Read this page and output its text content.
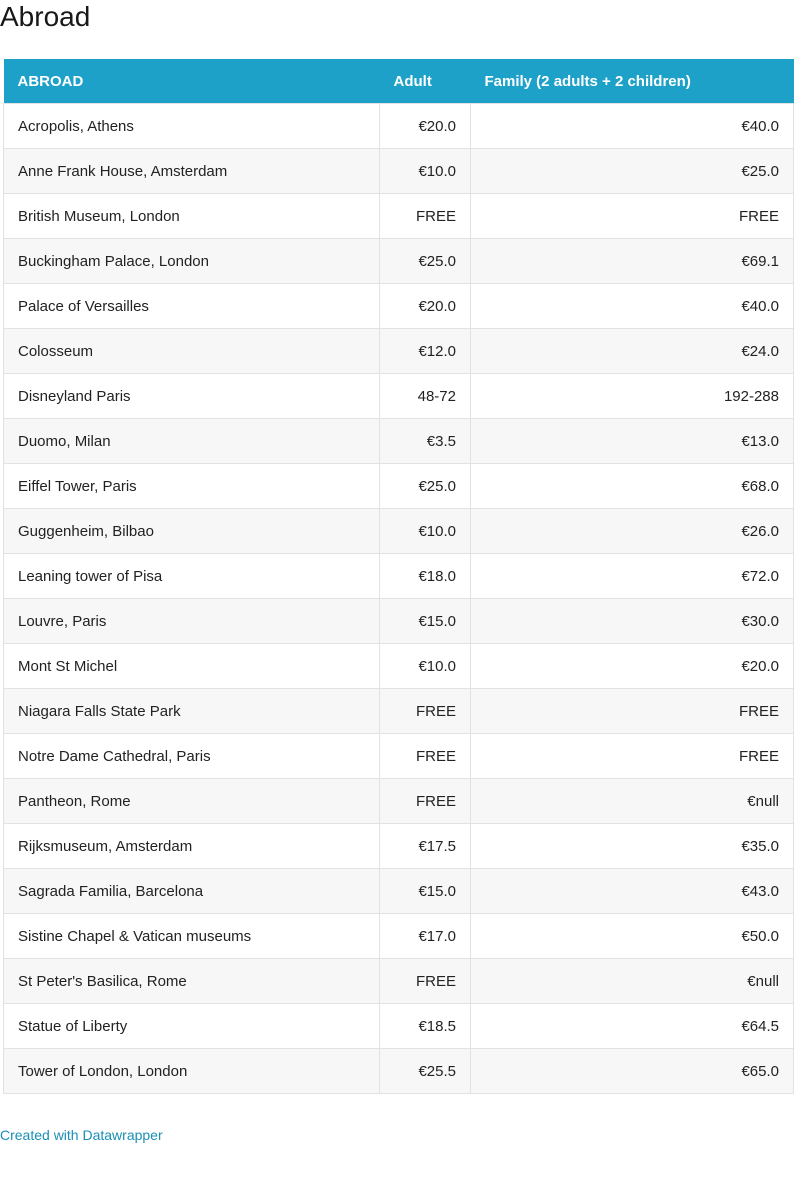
Abroad
ABROAD	Adult	Family (2 adults + 2 children)
Acropolis, Athens	€20.0	€40.0
Anne Frank House, Amsterdam	€10.0	€25.0
British Museum, London	FREE	FREE
Buckingham Palace, London	€25.0	€69.1
Palace of Versailles	€20.0	€40.0
Colosseum	€12.0	€24.0
Disneyland Paris	48-72	192-288
Duomo, Milan	€3.5	€13.0
Eiffel Tower, Paris	€25.0	€68.0
Guggenheim, Bilbao	€10.0	€26.0
Leaning tower of Pisa	€18.0	€72.0
Louvre, Paris	€15.0	€30.0
Mont St Michel	€10.0	€20.0
Niagara Falls State Park	FREE	FREE
Notre Dame Cathedral, Paris	FREE	FREE
Pantheon, Rome	FREE	€null
Rijksmuseum, Amsterdam	€17.5	€35.0
Sagrada Familia, Barcelona	€15.0	€43.0
Sistine Chapel & Vatican museums	€17.0	€50.0
St Peter's Basilica, Rome	FREE	€null
Statue of Liberty	€18.5	€64.5
Tower of London, London	€25.5	€65.0
Created with Datawrapper
